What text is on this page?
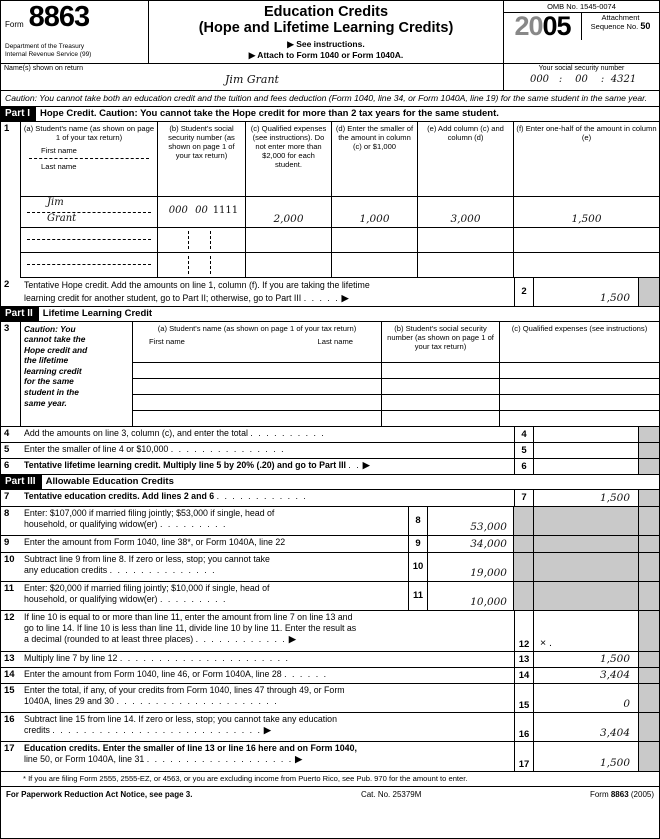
Form 8863
Department of the Treasury
Internal Revenue Service (99)
Education Credits
(Hope and Lifetime Learning Credits)
▶ See instructions.
▶ Attach to Form 1040 or Form 1040A.
OMB No. 1545-0074
2005	Attachment
Sequence No. 50
Name(s) shown on return
Jim Grant
Your social security number
000 : 00 : 4321
Caution: You cannot take both an education credit and the tuition and fees deduction (Form 1040, line 34, or Form 1040A, line 19) for the same student in the same year.
Part I	Hope Credit. Caution: You cannot take the Hope credit for more than 2 tax years for the same student.
1	(a) Student's name (as shown on page 1 of your tax return)
First name
Last name
(b) Student's social security number (as shown on page 1 of your tax return)
(c) Qualified expenses (see instructions). Do not enter more than $2,000 for each student.
(d) Enter the smaller of the amount in column (c) or $1,000
(e) Add column (c) and column (d)
(f) Enter one-half of the amount in column (e)
Jim
Grant
000 00 1111
2,000	1,000	3,000	1,500
2	Tentative Hope credit. Add the amounts on line 1, column (f). If you are taking the lifetime
learning credit for another student, go to Part II; otherwise, go to Part III . . . . . ▶
2	1,500
Part II	Lifetime Learning Credit
3	Caution: You
cannot take the
Hope credit and
the lifetime
learning credit
for the same
student in the
same year.
(a) Student's name (as shown on page 1 of your tax return)
First name	Last name
(b) Student's social security number (as shown on page 1 of your tax return)
(c) Qualified expenses (see instructions)
4	Add the amounts on line 3, column (c), and enter the total . . . . . . . . . .	4
5	Enter the smaller of line 4 or $10,000 . . . . . . . . . . . . . . .	5
6	Tentative lifetime learning credit. Multiply line 5 by 20% (.20) and go to Part III . . ▶	6
Part III	Allowable Education Credits
7	Tentative education credits. Add lines 2 and 6 . . . . . . . . . . . .	7	1,500
8	Enter: $107,000 if married filing jointly; $53,000 if single, head of
household, or qualifying widow(er) . . . . . . . . .	8	53,000
9	Enter the amount from Form 1040, line 38*, or Form 1040A, line 22	9	34,000
10	Subtract line 9 from line 8. If zero or less, stop; you cannot take
any education credits . . . . . . . . . . . . . .	10	19,000
11	Enter: $20,000 if married filing jointly; $10,000 if single, head of
household, or qualifying widow(er) . . . . . . . . .	11	10,000
12	If line 10 is equal to or more than line 11, enter the amount from line 7 on line 13 and
go to line 14. If line 10 is less than line 11, divide line 10 by line 11. Enter the result as
a decimal (rounded to at least three places) . . . . . . . . . . . . ▶	12	× .
13	Multiply line 7 by line 12 . . . . . . . . . . . . . . . . . . . . . .	13	1,500
14	Enter the amount from Form 1040, line 46, or Form 1040A, line 28 . . . . . .	14	3,404
15	Enter the total, if any, of your credits from Form 1040, lines 47 through 49, or Form
1040A, lines 29 and 30 . . . . . . . . . . . . . . . . . . . . .	15	0
16	Subtract line 15 from line 14. If zero or less, stop; you cannot take any education
credits . . . . . . . . . . . . . . . . . . . . . . . . . . . ▶	16	3,404
17	Education credits. Enter the smaller of line 13 or line 16 here and on Form 1040,
line 50, or Form 1040A, line 31 . . . . . . . . . . . . . . . . . . . ▶	17	1,500
* If you are filing Form 2555, 2555-EZ, or 4563, or you are excluding income from Puerto Rico, see Pub. 970 for the amount to enter.
For Paperwork Reduction Act Notice, see page 3.	Cat. No. 25379M	Form 8863 (2005)
